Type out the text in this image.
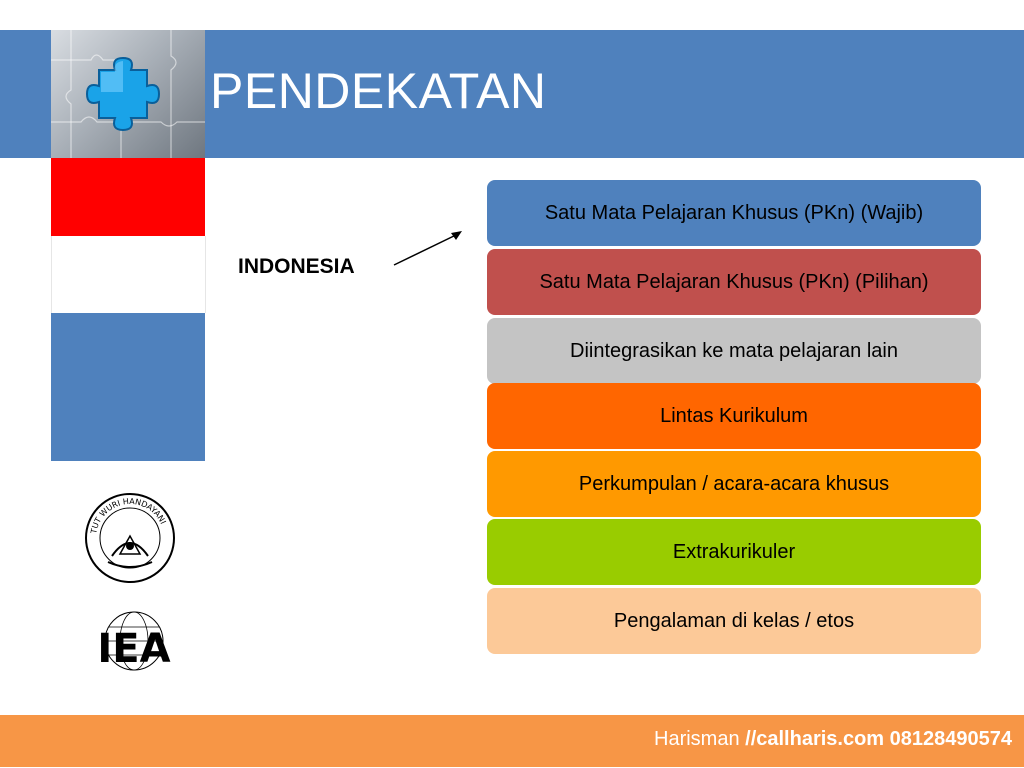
PENDEKATAN
INDONESIA
Satu Mata Pelajaran Khusus (PKn) (Wajib)
Satu Mata Pelajaran Khusus (PKn) (Pilihan)
Diintegrasikan ke mata pelajaran lain
Lintas Kurikulum
Perkumpulan / acara-acara khusus
Extrakurikuler
Pengalaman di kelas / etos
TUT WURI HANDAYANI
IEA
Harisman //callharis.com 08128490574
